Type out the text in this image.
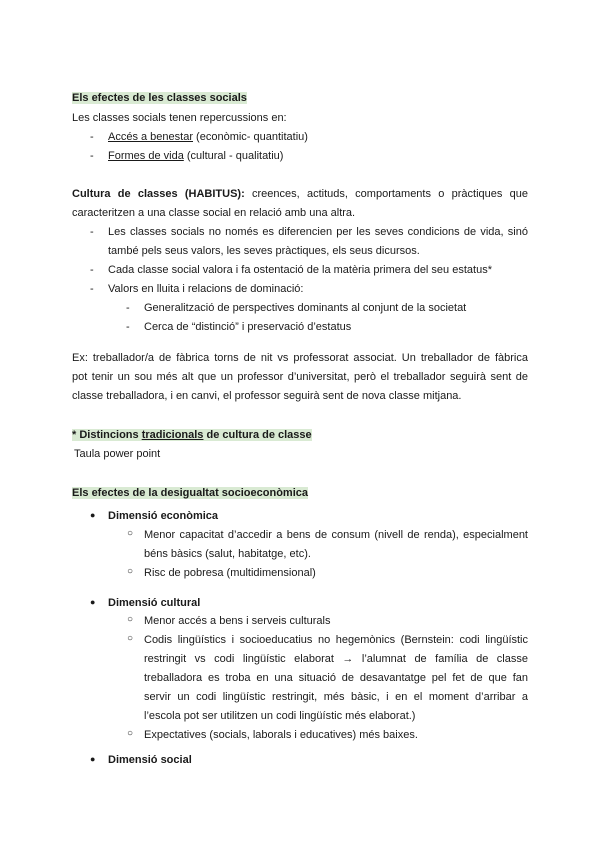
Els efectes de les classes socials
Les classes socials tenen repercussions en:
- Accés a benestar (econòmic- quantitatiu)
- Formes de vida (cultural - qualitatiu)
Cultura de classes (HABITUS): creences, actituds, comportaments o pràctiques que
caracteritzen a una classe social en relació amb una altra.
- Les classes socials no només es diferencien per les seves condicions de vida, sinó
també pels seus valors, les seves pràctiques, els seus dicursos.
- Cada classe social valora i fa ostentació de la matèria primera del seu estatus*
- Valors en lluita i relacions de dominació:
- Generalització de perspectives dominants al conjunt de la societat
- Cerca de “distinció” i preservació d’estatus
Ex: treballador/a de fàbrica torns de nit vs professorat associat. Un treballador de fàbrica
pot tenir un sou més alt que un professor d’universitat, però el treballador seguirà sent de
classe treballadora, i en canvi, el professor seguirà sent de nova classe mitjana.
* Distincions tradicionals de cultura de classe
Taula power point
Els efectes de la desigualtat socioeconòmica
● Dimensió econòmica
○ Menor capacitat d’accedir a bens de consum (nivell de renda), especialment
béns bàsics (salut, habitatge, etc).
○ Risc de pobresa (multidimensional)
● Dimensió cultural
○ Menor accés a bens i serveis culturals
○ Codis lingüístics i socioeducatius no hegemònics (Bernstein: codi lingüístic
restringit vs codi lingüístic elaborat → l’alumnat de família de classe
treballadora es troba en una situació de desavantatge pel fet de que fan
servir un codi lingüístic restringit, més bàsic, i en el moment d’arribar a
l’escola pot ser utilitzen un codi lingüístic més elaborat.)
○ Expectatives (socials, laborals i educatives) més baixes.
● Dimensió social
